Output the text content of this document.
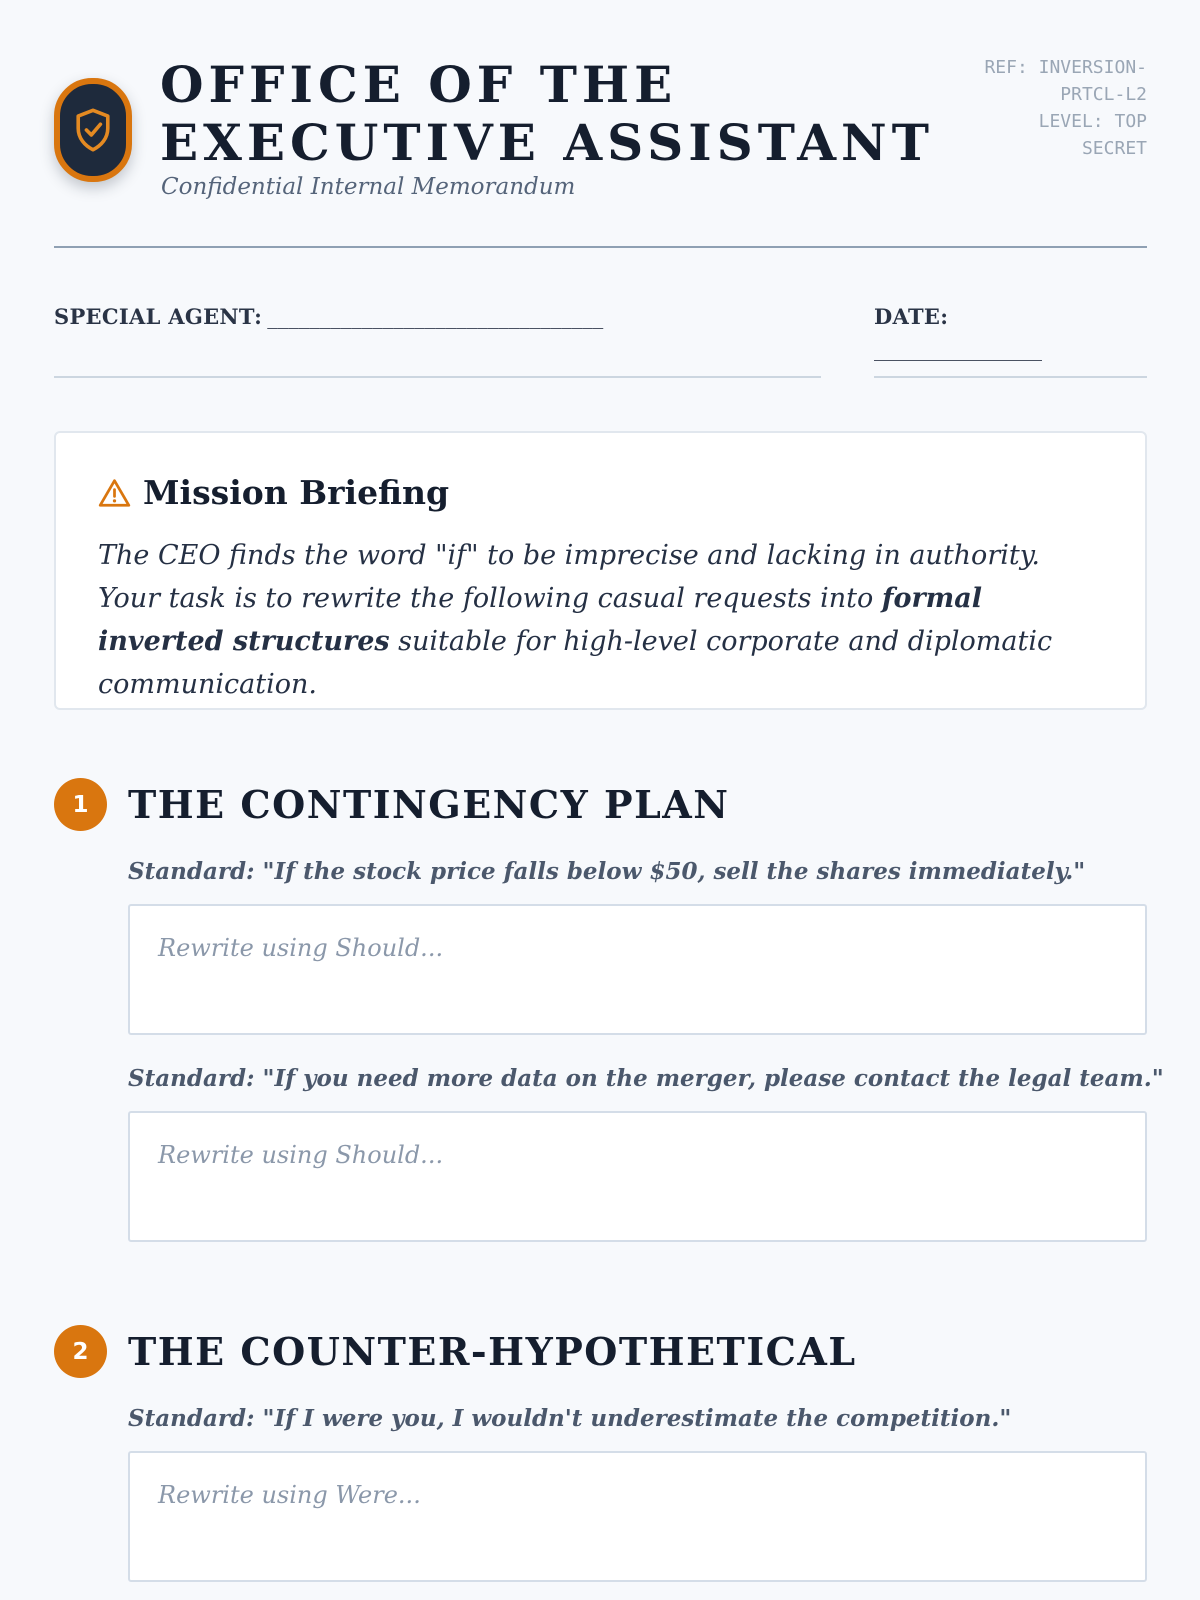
OFFICE OF THE EXECUTIVE ASSISTANT
Confidential Internal Memorandum
REF: INVERSION-
PRTCL-L2
LEVEL: TOP
SECRET
SPECIAL AGENT: ________________________________	DATE:
________________
Mission Briefing
The CEO finds the word "if" to be imprecise and lacking in authority. Your task is to rewrite the following casual requests into formal inverted structures suitable for high-level corporate and diplomatic communication.
1	THE CONTINGENCY PLAN
Standard: "If the stock price falls below $50, sell the shares immediately."
Rewrite using Should...
Standard: "If you need more data on the merger, please contact the legal team."
Rewrite using Should...
2	THE COUNTER-HYPOTHETICAL
Standard: "If I were you, I wouldn't underestimate the competition."
Rewrite using Were...
